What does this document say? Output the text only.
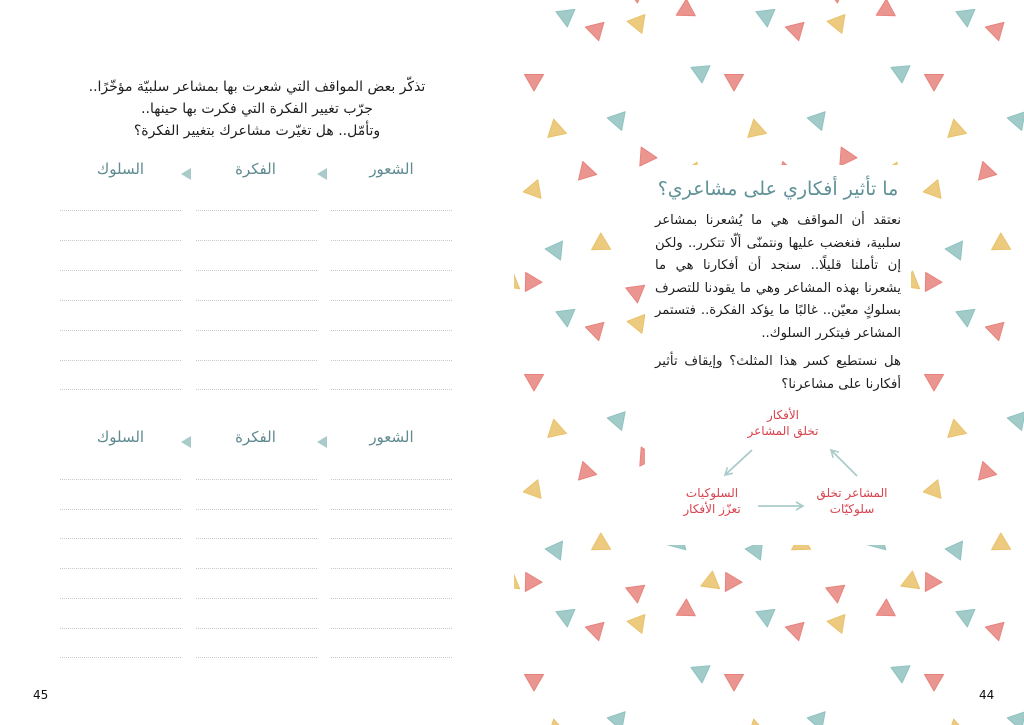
تذكّر بعض المواقف التي شعرت بها بمشاعر سلبيّة مؤخّرًا..
جرّب تغيير الفكرة التي فكرت بها حينها..
وتأمّل.. هل تغيّرت مشاعرك بتغيير الفكرة؟
الشعور
الفكرة
السلوك
الشعور
الفكرة
السلوك
45
ما تأثير أفكاري على مشاعري؟

نعتقد أن المواقف هي ما يُشعرنا بمشاعر سلبية، فنغضب عليها ونتمنّى ألّا تتكرر.. ولكن إن تأملنا قليلًا.. سنجد أن أفكارنا هي ما يشعرنا بهذه المشاعر وهي ما يقودنا للتصرف بسلوكٍ معيّن.. غالبًا ما يؤكد الفكرة.. فتستمر المشاعر فيتكرر السلوك..

هل نستطيع كسر هذا المثلث؟ وإيقاف تأثير أفكارنا على مشاعرنا؟

الأفكار
تخلق المشاعر
المشاعر تخلق
سلوكيّات
السلوكيات
تعزّز الأفكار
44
